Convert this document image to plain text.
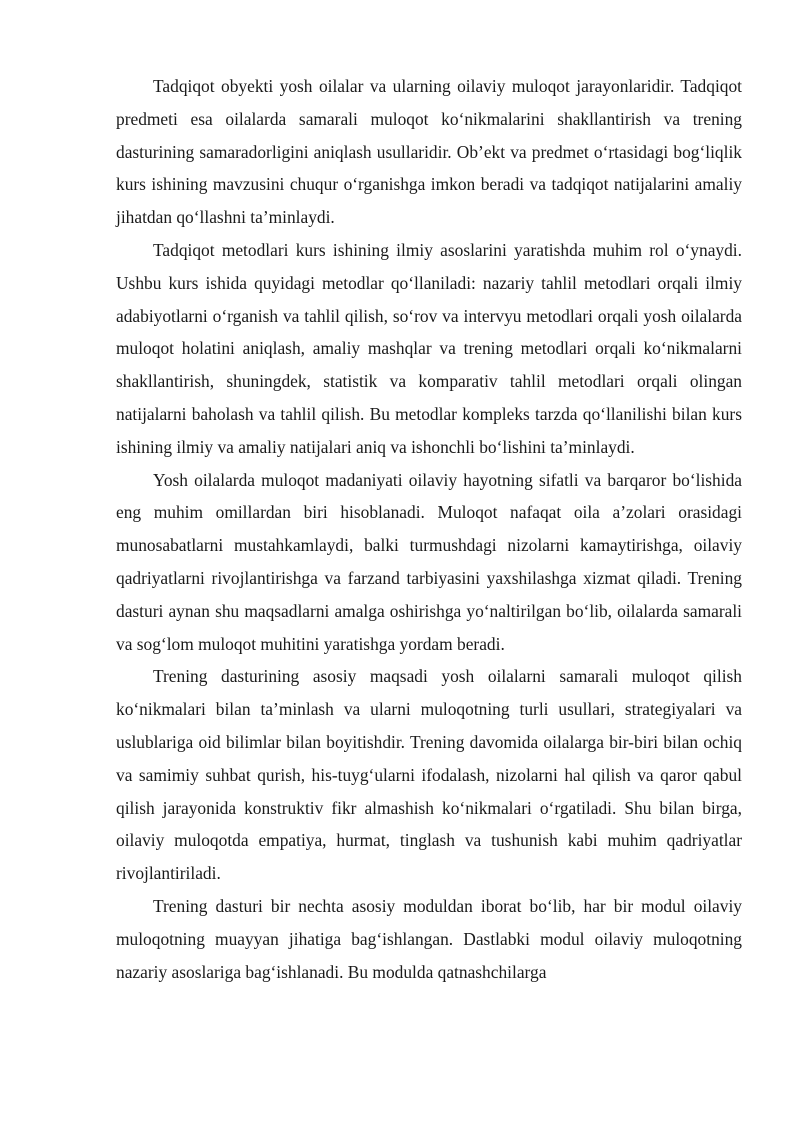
Tadqiqot obyekti yosh oilalar va ularning oilaviy muloqot jarayonlaridir. Tadqiqot predmeti esa oilalarda samarali muloqot ko‘nikmalarini shakllantirish va trening dasturining samaradorligini aniqlash usullaridir. Ob’ekt va predmet o‘rtasidagi bog‘liqlik kurs ishining mavzusini chuqur o‘rganishga imkon beradi va tadqiqot natijalarini amaliy jihatdan qo‘llashni ta’minlaydi.

Tadqiqot metodlari kurs ishining ilmiy asoslarini yaratishda muhim rol o‘ynaydi. Ushbu kurs ishida quyidagi metodlar qo‘llaniladi: nazariy tahlil metodlari orqali ilmiy adabiyotlarni o‘rganish va tahlil qilish, so‘rov va intervyu metodlari orqali yosh oilalarda muloqot holatini aniqlash, amaliy mashqlar va trening metodlari orqali ko‘nikmalarni shakllantirish, shuningdek, statistik va komparativ tahlil metodlari orqali olingan natijalarni baholash va tahlil qilish. Bu metodlar kompleks tarzda qo‘llanilishi bilan kurs ishining ilmiy va amaliy natijalari aniq va ishonchli bo‘lishini ta’minlaydi.

Yosh oilalarda muloqot madaniyati oilaviy hayotning sifatli va barqaror bo‘lishida eng muhim omillardan biri hisoblanadi. Muloqot nafaqat oila a’zolari orasidagi munosabatlarni mustahkamlaydi, balki turmushdagi nizolarni kamaytirishga, oilaviy qadriyatlarni rivojlantirishga va farzand tarbiyasini yaxshilashga xizmat qiladi. Trening dasturi aynan shu maqsadlarni amalga oshirishga yo‘naltirilgan bo‘lib, oilalarda samarali va sog‘lom muloqot muhitini yaratishga yordam beradi.

Trening dasturining asosiy maqsadi yosh oilalarni samarali muloqot qilish ko‘nikmalari bilan ta’minlash va ularni muloqotning turli usullari, strategiyalari va uslublariga oid bilimlar bilan boyitishdir. Trening davomida oilalarga bir-biri bilan ochiq va samimiy suhbat qurish, his-tuyg‘ularni ifodalash, nizolarni hal qilish va qaror qabul qilish jarayonida konstruktiv fikr almashish ko‘nikmalari o‘rgatiladi. Shu bilan birga, oilaviy muloqotda empatiya, hurmat, tinglash va tushunish kabi muhim qadriyatlar rivojlantiriladi.

Trening dasturi bir nechta asosiy moduldan iborat bo‘lib, har bir modul oilaviy muloqotning muayyan jihatiga bag‘ishlangan. Dastlabki modul oilaviy muloqotning nazariy asoslariga bag‘ishlanadi. Bu modulda qatnashchilarga
